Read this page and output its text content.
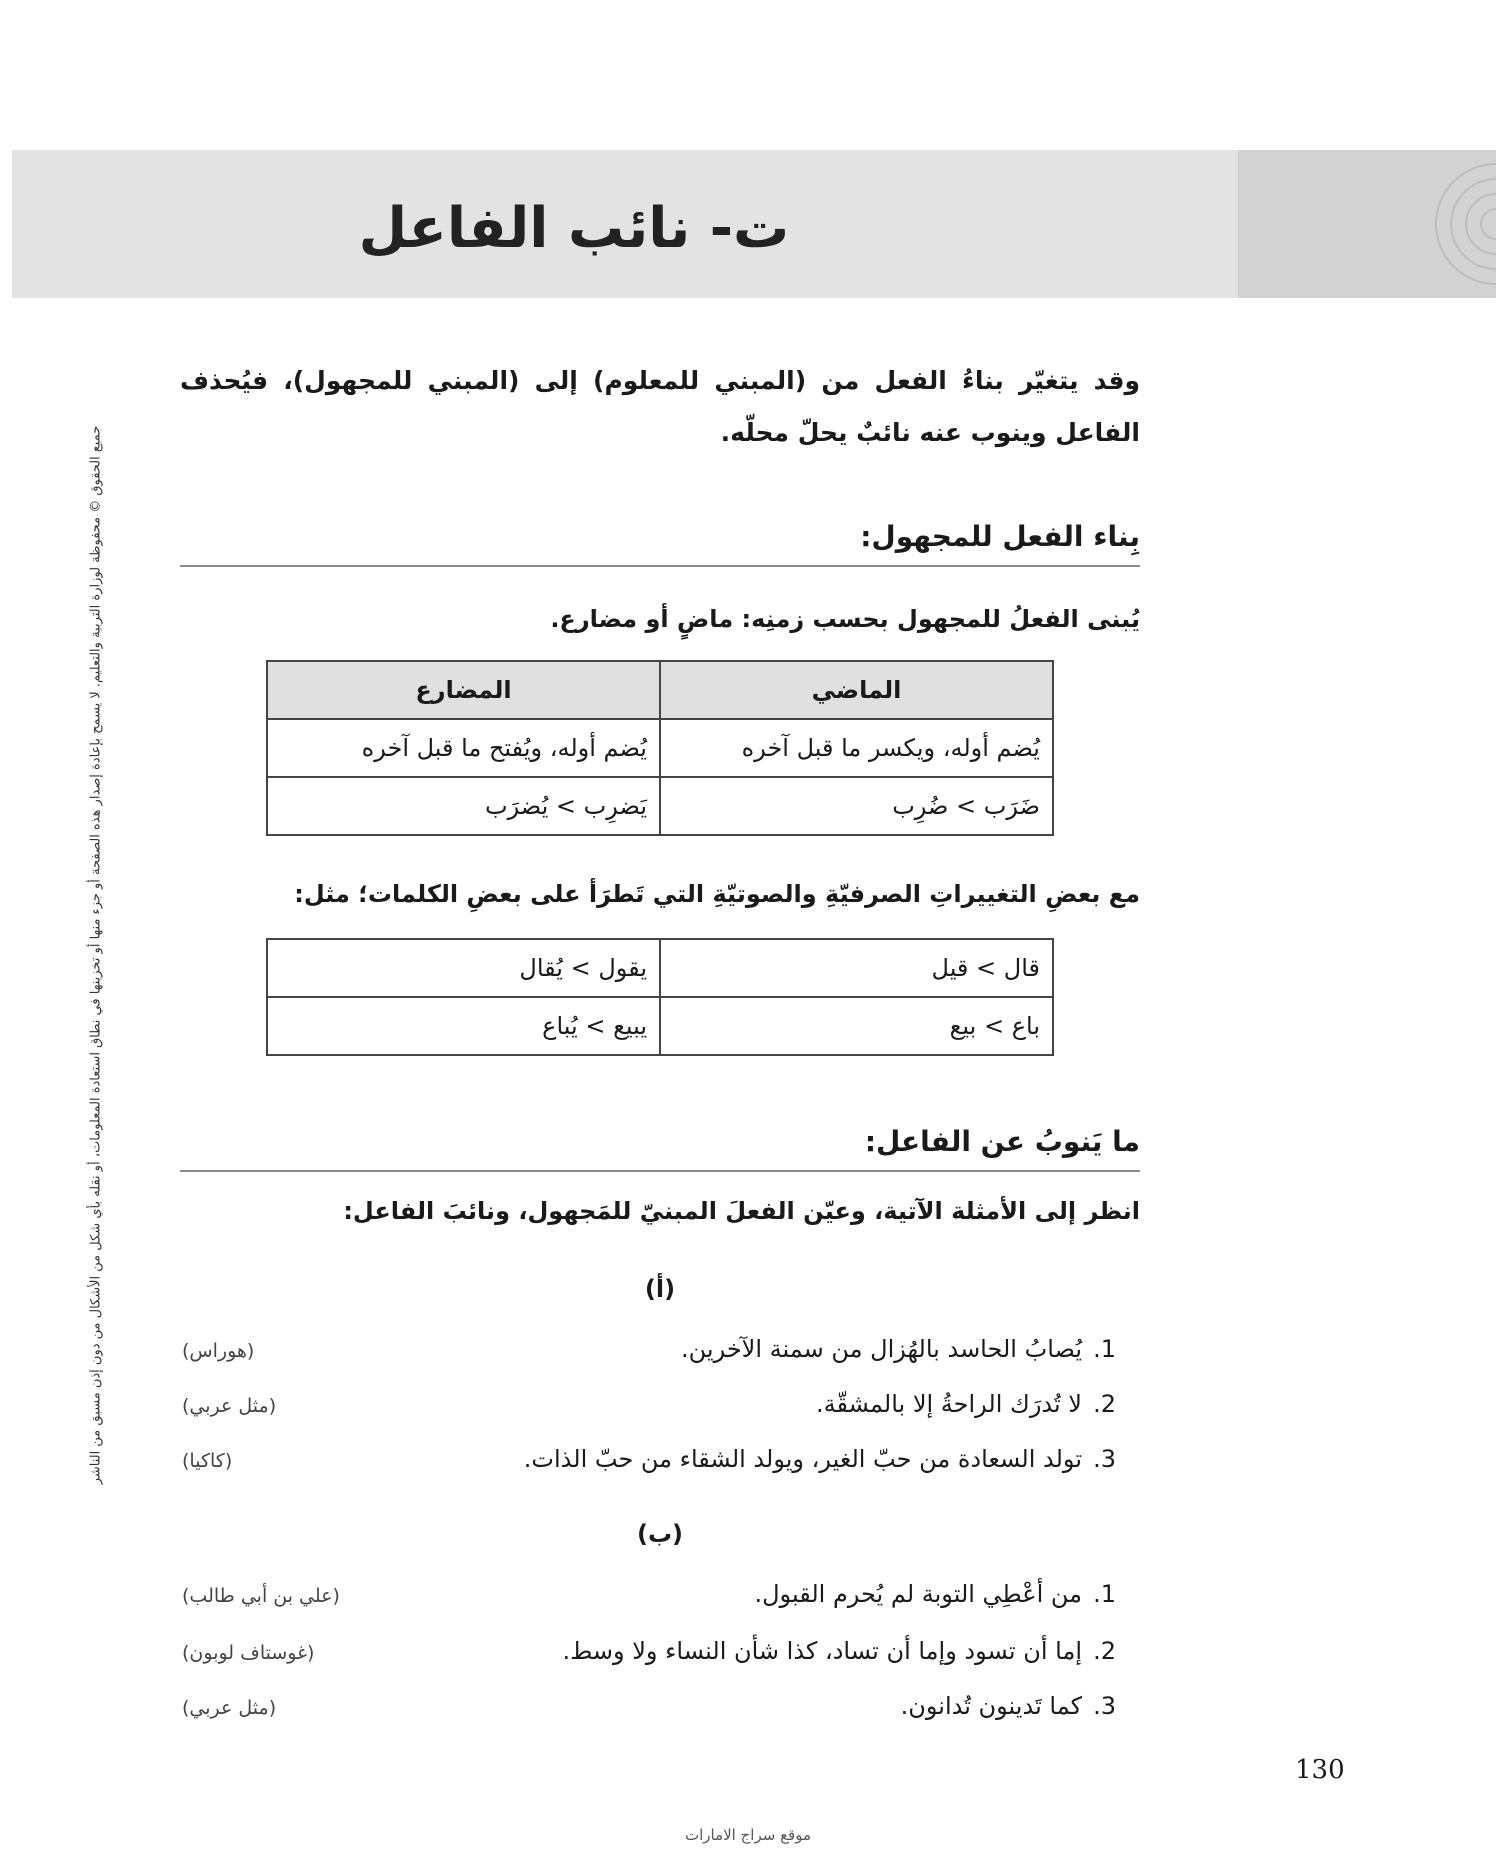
ت- نائب الفاعل
جميع الحقوق © محفوظة لوزارة التربية والتعليم. لا يسمح بإعادة إصدار هذه الصفحة أو جزء منها أو تخزينها في نطاق استعادة المعلومات، أو نقله بأي شكل من الأشكال من دون إذن مسبق من الناشر
وقد يتغيّر بناءُ الفعل من (المبني للمعلوم) إلى (المبني للمجهول)، فيُحذف الفاعل وينوب عنه نائبٌ يحلّ محلّه.
بِناء الفعل للمجهول:
يُبنى الفعلُ للمجهول بحسب زمنِه: ماضٍ أو مضارع.
الماضي	المضارع
يُضم أوله، ويكسر ما قبل آخره	يُضم أوله، ويُفتح ما قبل آخره
ضَرَب > ضُرِب	يَضرِب > يُضرَب
مع بعضِ التغييراتِ الصرفيّةِ والصوتيّةِ التي تَطرَأ على بعضِ الكلمات؛ مثل:
قال > قيل	يقول > يُقال
باع > بيع	يبيع > يُباع
ما يَنوبُ عن الفاعل:
انظر إلى الأمثلة الآتية، وعيّن الفعلَ المبنيّ للمَجهول، ونائبَ الفاعل:
(أ)
1.يُصابُ الحاسد بالهُزال من سمنة الآخرين.
(هوراس)
2.لا تُدرَك الراحةُ إلا بالمشقّة.
(مثل عربي)
3.تولد السعادة من حبّ الغير، ويولد الشقاء من حبّ الذات.
(كاكيا)
(ب)
1.من أعْطِي التوبة لم يُحرم القبول.
(علي بن أبي طالب)
2.إما أن تسود وإما أن تساد، كذا شأن النساء ولا وسط.
(غوستاف لوبون)
3.كما تَدينون تُدانون.
(مثل عربي)
130
موقع سراج الامارات
